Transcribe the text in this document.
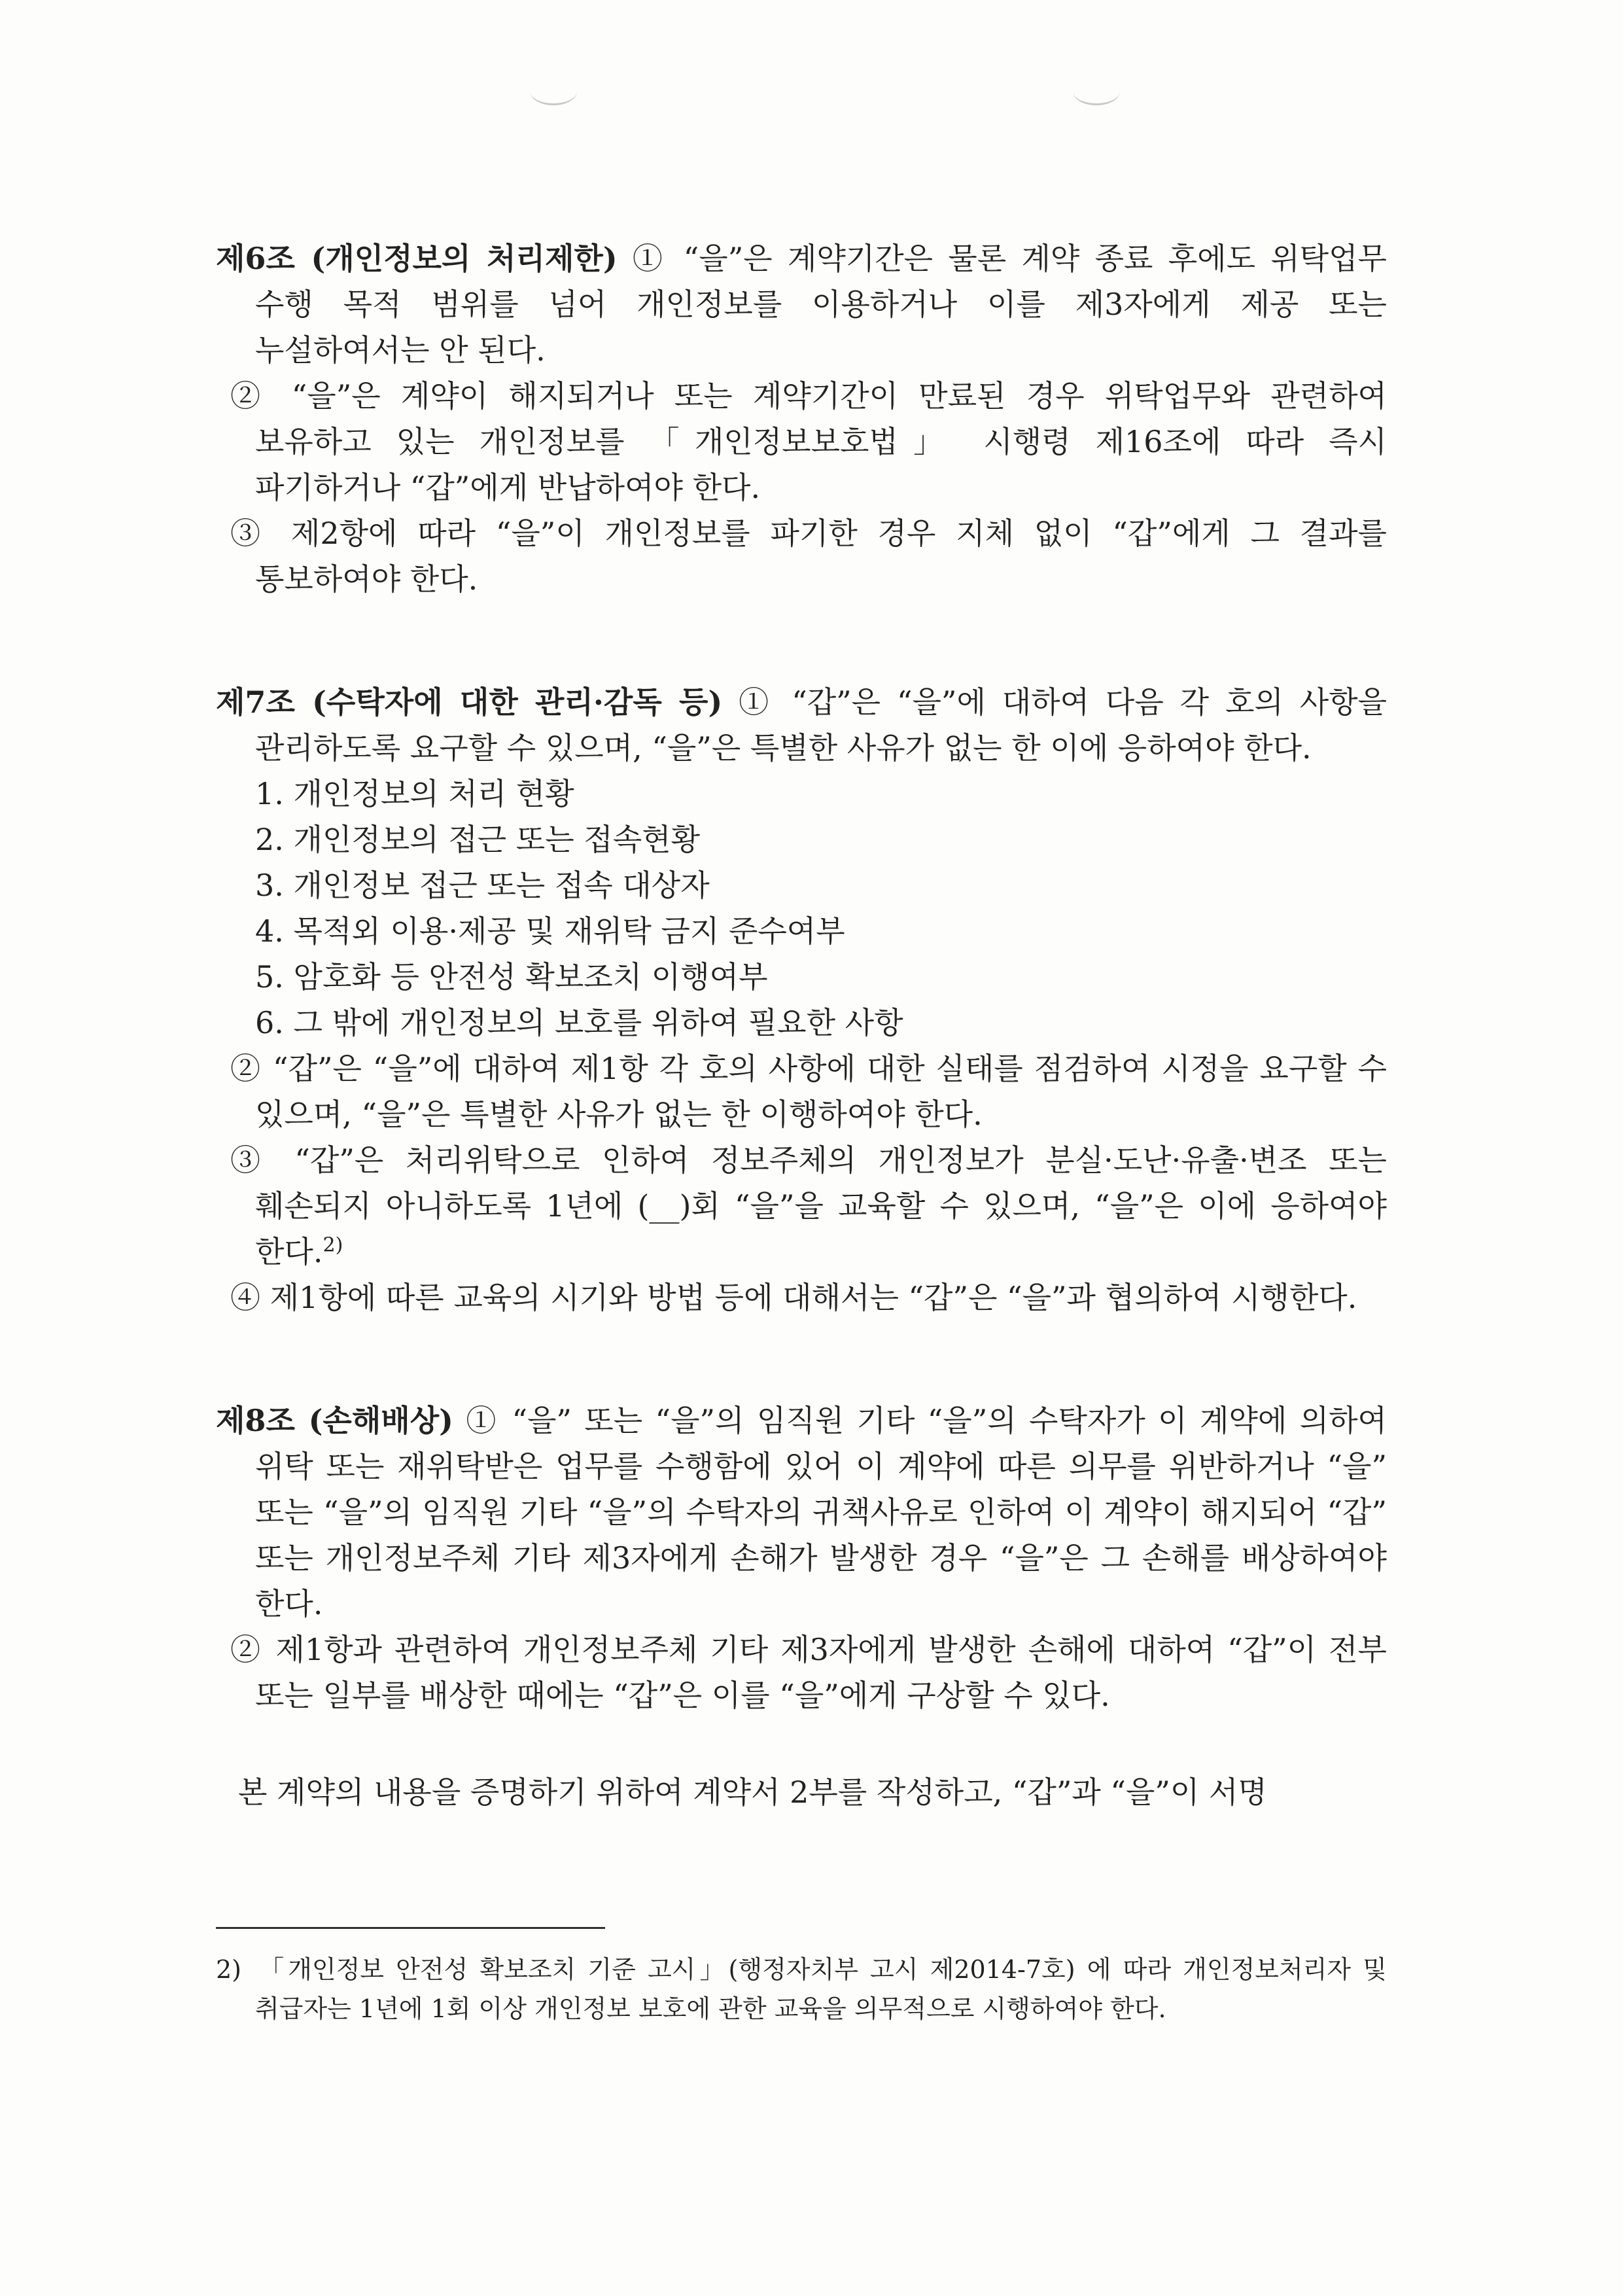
제6조 (개인정보의 처리제한) ① “을”은 계약기간은 물론 계약 종료 후에도 위탁업무 수행 목적 범위를 넘어 개인정보를 이용하거나 이를 제3자에게 제공 또는 누설하여서는 안 된다.
② “을”은 계약이 해지되거나 또는 계약기간이 만료된 경우 위탁업무와 관련하여 보유하고 있는 개인정보를 「개인정보보호법」 시행령 제16조에 따라 즉시 파기하거나 “갑”에게 반납하여야 한다.
③ 제2항에 따라 “을”이 개인정보를 파기한 경우 지체 없이 “갑”에게 그 결과를 통보하여야 한다.
제7조 (수탁자에 대한 관리·감독 등) ① “갑”은 “을”에 대하여 다음 각 호의 사항을 관리하도록 요구할 수 있으며, “을”은 특별한 사유가 없는 한 이에 응하여야 한다.
1. 개인정보의 처리 현황
2. 개인정보의 접근 또는 접속현황
3. 개인정보 접근 또는 접속 대상자
4. 목적외 이용·제공 및 재위탁 금지 준수여부
5. 암호화 등 안전성 확보조치 이행여부
6. 그 밖에 개인정보의 보호를 위하여 필요한 사항
② “갑”은 “을”에 대하여 제1항 각 호의 사항에 대한 실태를 점검하여 시정을 요구할 수 있으며, “을”은 특별한 사유가 없는 한 이행하여야 한다.
③ “갑”은 처리위탁으로 인하여 정보주체의 개인정보가 분실·도난·유출·변조 또는 훼손되지 아니하도록 1년에 (__)회 “을”을 교육할 수 있으며, “을”은 이에 응하여야 한다.$^{2)}$
④ 제1항에 따른 교육의 시기와 방법 등에 대해서는 “갑”은 “을”과 협의하여 시행한다.
제8조 (손해배상) ① “을” 또는 “을”의 임직원 기타 “을”의 수탁자가 이 계약에 의하여 위탁 또는 재위탁받은 업무를 수행함에 있어 이 계약에 따른 의무를 위반하거나 “을” 또는 “을”의 임직원 기타 “을”의 수탁자의 귀책사유로 인하여 이 계약이 해지되어 “갑” 또는 개인정보주체 기타 제3자에게 손해가 발생한 경우 “을”은 그 손해를 배상하여야 한다.
② 제1항과 관련하여 개인정보주체 기타 제3자에게 발생한 손해에 대하여 “갑”이 전부 또는 일부를 배상한 때에는 “갑”은 이를 “을”에게 구상할 수 있다.
본 계약의 내용을 증명하기 위하여 계약서 2부를 작성하고, “갑”과 “을”이 서명
2) 「개인정보 안전성 확보조치 기준 고시」(행정자치부 고시 제2014-7호) 에 따라 개인정보처리자 및 취급자는 1년에 1회 이상 개인정보 보호에 관한 교육을 의무적으로 시행하여야 한다.
